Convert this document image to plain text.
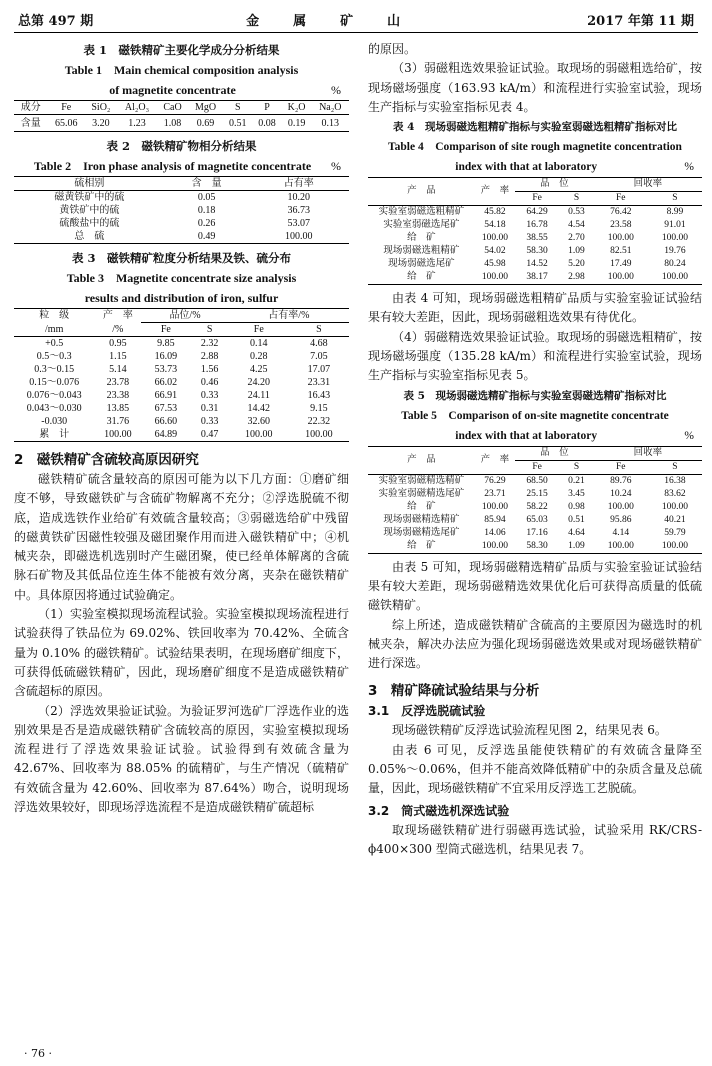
总第 497 期	金属矿山	2017 年第 11 期
表 1　磁铁精矿主要化学成分分析结果
Table 1　Main chemical composition analysis
of magnetite concentrate	%
成分	Fe	SiO₂	Al₂O₃	CaO	MgO	S	P	K₂O	Na₂O
含量	65.06	3.20	1.23	1.08	0.69	0.51	0.08	0.19	0.13
表 2　磁铁精矿物相分析结果
Table 2　Iron phase analysis of magnetite concentrate %
硫相别	含　量	占有率
磁黄铁矿中的硫	0.05	10.20
黄铁矿中的硫	0.18	36.73
硫酸盐中的硫	0.26	53.07
总　硫	0.49	100.00
表 3　磁铁精矿粒度分析结果及铁、硫分布
Table 3　Magnetite concentrate size analysis
results and distribution of iron, sulfur
粒　级	产　率	品位/%		占有率/%	
/mm	/%	Fe	S	Fe	S
+0.5	0.95	9.85	2.32	0.14	4.68
0.5～0.3	1.15	16.09	2.88	0.28	7.05
0.3～0.15	5.14	53.73	1.56	4.25	17.07
0.15～0.076	23.78	66.02	0.46	24.20	23.31
0.076～0.043	23.38	66.91	0.33	24.11	16.43
0.043～0.030	13.85	67.53	0.31	14.42	9.15
-0.030	31.76	66.60	0.33	32.60	22.32
累　计	100.00	64.89	0.47	100.00	100.00
2　磁铁精矿含硫较高原因研究

磁铁精矿硫含量较高的原因可能为以下几方面：①磨矿细度不够，导致磁铁矿与含硫矿物解离不充分；②浮选脱硫不彻底，造成选铁作业给矿有效硫含量较高；③弱磁选给矿中残留的磁黄铁矿因磁性较强及磁团聚作用而进入磁铁精矿中；④机械夹杂，即磁选机选别时产生磁团聚，使已经单体解离的含硫脉石矿物及其低品位连生体不能被有效分离，夹杂在磁铁精矿中。具体原因将通过试验确定。

（1）实验室模拟现场流程试验。实验室模拟现场流程进行试验获得了铁品位为 69.02%、铁回收率为 70.42%、全硫含量为 0.10% 的磁铁精矿。试验结果表明，在现场磨矿细度下，可获得低硫磁铁精矿，因此，现场磨矿细度不是造成磁铁精矿含硫超标的原因。

（2）浮选效果验证试验。为验证罗河选矿厂浮选作业的选别效果是否是造成磁铁精矿含硫较高的原因，实验室模拟现场流程进行了浮选效果验证试验。试验得到有效硫含量为 42.67%、回收率为 88.05% 的硫精矿，与生产情况（硫精矿有效硫含量为 42.60%、回收率为 87.64%）吻合，说明现场浮选效果较好，即现场浮选流程不是造成磁铁精矿硫超标

的原因。

（3）弱磁粗选效果验证试验。取现场的弱磁粗选给矿，按现场磁场强度（163.93 kA/m）和流程进行实验室试验，现场生产指标与实验室指标见表 4。

表 4　现场弱磁选粗精矿指标与实验室弱磁选粗精矿指标对比
Table 4　Comparison of site rough magnetite concentration
index with that at laboratory	%
产　品	产　率	品　位		回收率	
		Fe	S	Fe	S
实验室弱磁选粗精矿	45.82	64.29	0.53	76.42	8.99
实验室弱磁选尾矿	54.18	16.78	4.54	23.58	91.01
给　矿	100.00	38.55	2.70	100.00	100.00
现场弱磁选粗精矿	54.02	58.30	1.09	82.51	19.76
现场弱磁选尾矿	45.98	14.52	5.20	17.49	80.24
给　矿	100.00	38.17	2.98	100.00	100.00

由表 4 可知，现场弱磁选粗精矿品质与实验室验证试验结果有较大差距，因此，现场弱磁粗选效果有待优化。

（4）弱磁精选效果验证试验。取现场的弱磁选粗精矿，按现场磁场强度（135.28 kA/m）和流程进行实验室试验，现场生产指标与实验室指标见表 5。

表 5　现场弱磁选精矿指标与实验室弱磁选精矿指标对比
Table 5　Comparison of on-site magnetite concentrate
index with that at laboratory	%
产　品	产　率	品　位		回收率	
		Fe	S	Fe	S
实验室弱磁精选精矿	76.29	68.50	0.21	89.76	16.38
实验室弱磁精选尾矿	23.71	25.15	3.45	10.24	83.62
给　矿	100.00	58.22	0.98	100.00	100.00
现场弱磁精选精矿	85.94	65.03	0.51	95.86	40.21
现场弱磁精选尾矿	14.06	17.16	4.64	4.14	59.79
给　矿	100.00	58.30	1.09	100.00	100.00

由表 5 可知，现场弱磁精选精矿品质与实验室验证试验结果有较大差距，现场弱磁精选效果优化后可获得高质量的低硫磁铁精矿。

综上所述，造成磁铁精矿含硫高的主要原因为磁选时的机械夹杂，解决办法应为强化现场弱磁选效果或对现场磁铁精矿进行深选。

3　精矿降硫试验结果与分析
3.1　反浮选脱硫试验

现场磁铁精矿反浮选试验流程见图 2，结果见表 6。

由表 6 可见，反浮选虽能使铁精矿的有效硫含量降至 0.05%～0.06%，但并不能高效降低精矿中的杂质含量及总硫量，因此，现场磁铁精矿不宜采用反浮选工艺脱硫。

3.2　筒式磁选机深选试验

取现场磁铁精矿进行弱磁再选试验，试验采用 RK/CRS-ϕ400×300 型筒式磁选机，结果见表 7。

· 76 ·
